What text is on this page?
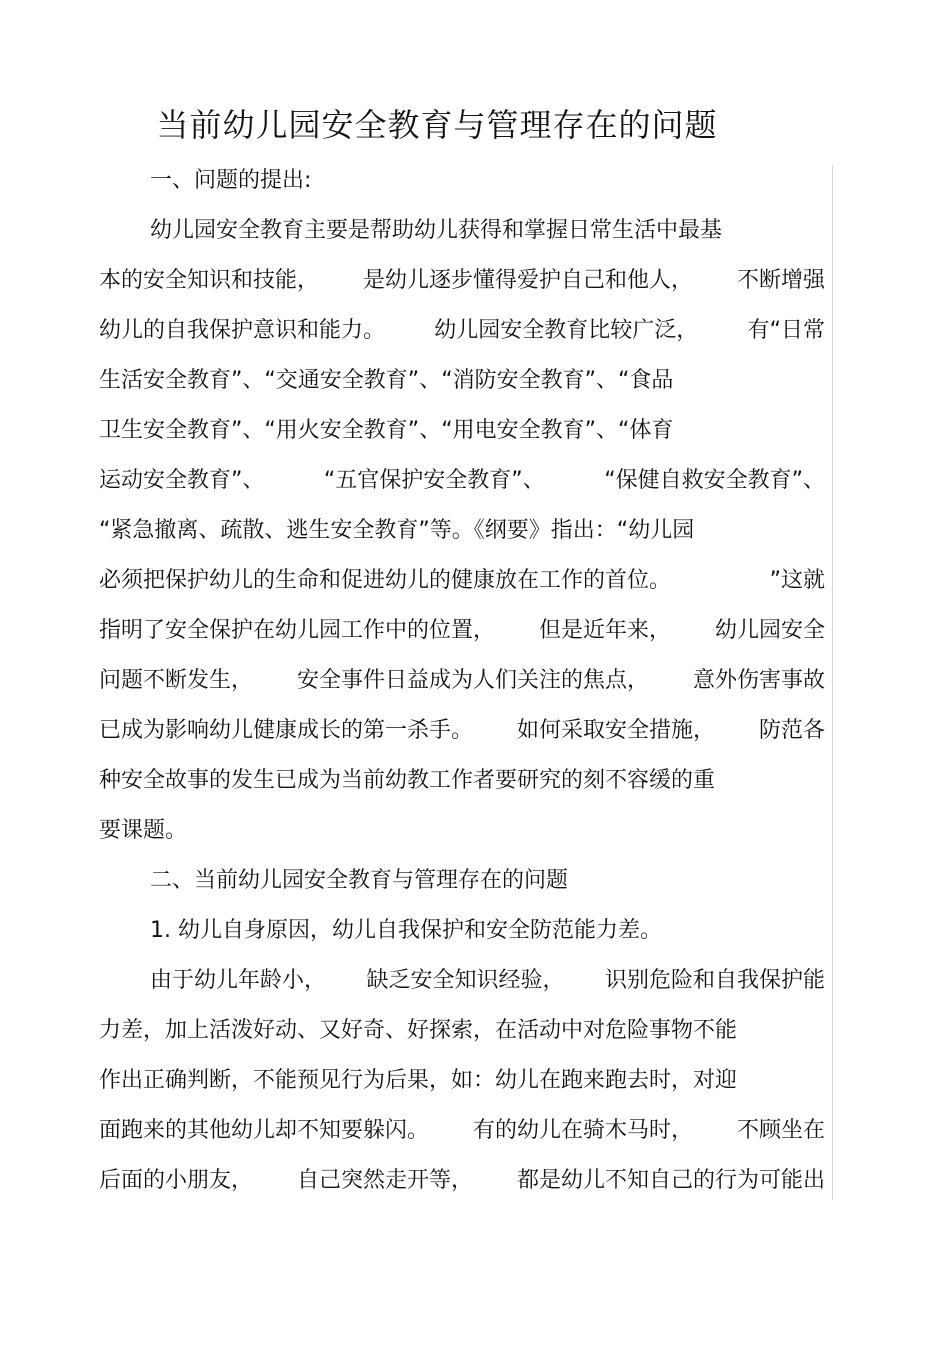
当前幼儿园安全教育与管理存在的问题
一、问题的提出:
幼儿园安全教育主要是帮助幼儿获得和掌握日常生活中最基
本的安全知识和技能， 是幼儿逐步懂得爱护自己和他人， 不断增强
幼儿的自我保护意识和能力。 幼儿园安全教育比较广泛， 有“日常
生活安全教育”、“交通安全教育”、“消防安全教育”、“食品
卫生安全教育”、“用火安全教育”、“用电安全教育”、“体育
运动安全教育”、	“五官保护安全教育”、	“保健自救安全教育”、
“紧急撤离、疏散、逃生安全教育”等。《纲要》指出：“幼儿园
必须把保护幼儿的生命和促进幼儿的健康放在工作的首位。	”这就
指明了安全保护在幼儿园工作中的位置， 但是近年来， 幼儿园安全
问题不断发生， 安全事件日益成为人们关注的焦点， 意外伤害事故
已成为影响幼儿健康成长的第一杀手。 如何采取安全措施， 防范各
种安全故事的发生已成为当前幼教工作者要研究的刻不容缓的重
要课题。
二、当前幼儿园安全教育与管理存在的问题
1. 幼儿自身原因，幼儿自我保护和安全防范能力差。
由于幼儿年龄小， 缺乏安全知识经验， 识别危险和自我保护能
力差，加上活泼好动、又好奇、好探索，在活动中对危险事物不能
作出正确判断，不能预见行为后果，如：幼儿在跑来跑去时，对迎
面跑来的其他幼儿却不知要躲闪。 有的幼儿在骑木马时， 不顾坐在
后面的小朋友， 自己突然走开等， 都是幼儿不知自己的行为可能出
